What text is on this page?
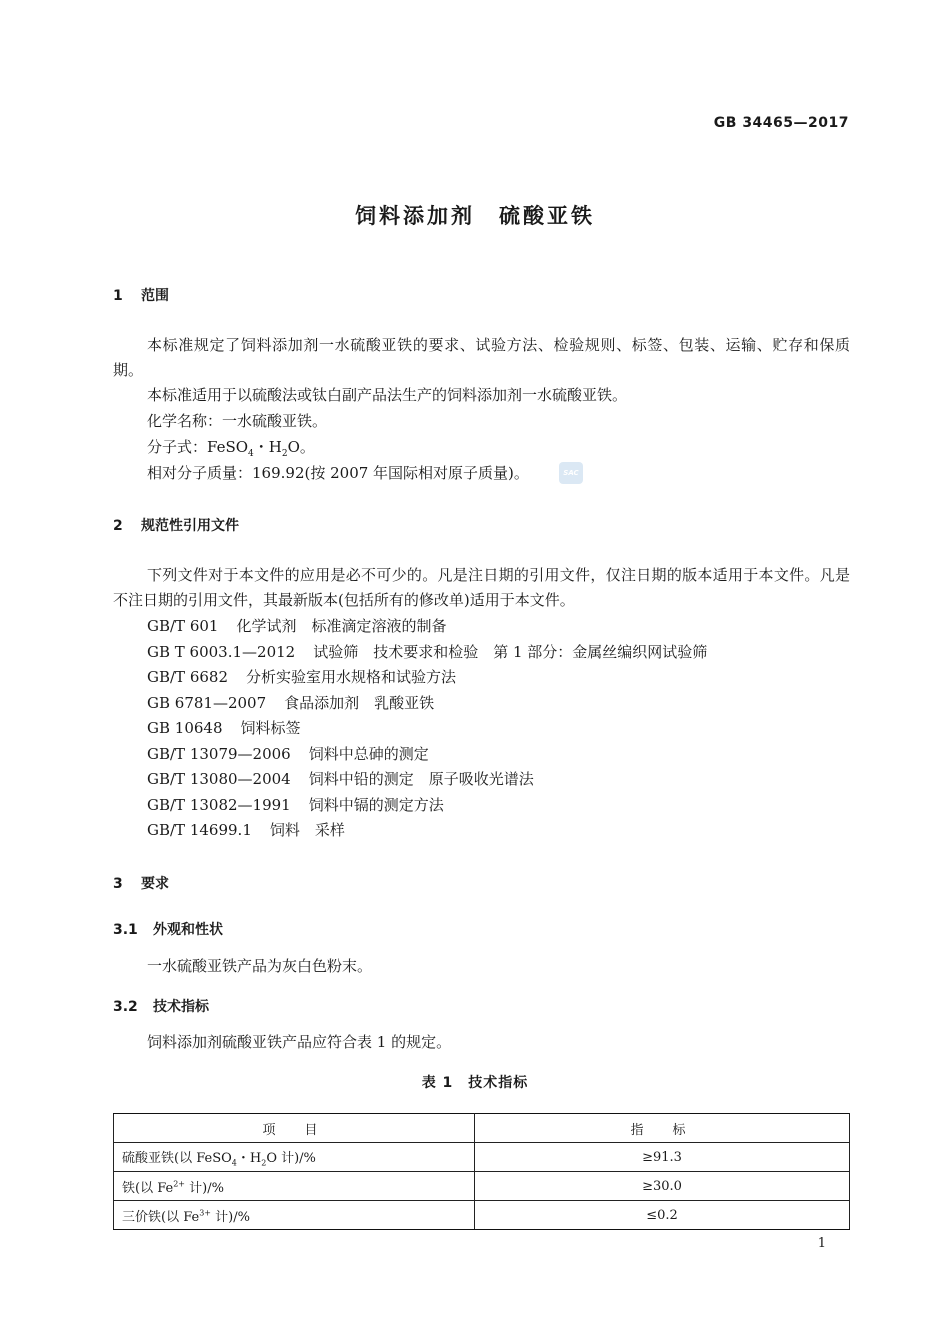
GB 34465—2017
饲料添加剂　硫酸亚铁
1 范围
本标准规定了饲料添加剂一水硫酸亚铁的要求、试验方法、检验规则、标签、包装、运输、贮存和保质期。
本标准适用于以硫酸法或钛白副产品法生产的饲料添加剂一水硫酸亚铁。
化学名称：一水硫酸亚铁。
分子式：FeSO$_4$・$H_2O$。
相对分子质量：169.92(按 2007 年国际相对原子质量)。	SAC
2 规范性引用文件
下列文件对于本文件的应用是必不可少的。凡是注日期的引用文件，仅注日期的版本适用于本文件。凡是不注日期的引用文件，其最新版本(包括所有的修改单)适用于本文件。
GB/T 601 化学试剂　标准滴定溶液的制备
GB T 6003.1—2012 试验筛　技术要求和检验　第 1 部分：金属丝编织网试验筛
GB/T 6682 分析实验室用水规格和试验方法
GB 6781—2007 食品添加剂　乳酸亚铁
GB 10648 饲料标签
GB/T 13079—2006 饲料中总砷的测定
GB/T 13080—2004 饲料中铅的测定　原子吸收光谱法
GB/T 13082—1991 饲料中镉的测定方法
GB/T 14699.1 饲料　采样
3 要求
3.1 外观和性状
一水硫酸亚铁产品为灰白色粉末。
3.2 技术指标
饲料添加剂硫酸亚铁产品应符合表 1 的规定。
表 1　技术指标
项　目	指　标
硫酸亚铁(以 FeSO$_4$・$H_2O$ 计)/%	≥91.3
铁(以 $Fe^{2+}$ 计)/%	≥30.0
三价铁(以 $Fe^{3+}$ 计)/%	≤0.2
1
